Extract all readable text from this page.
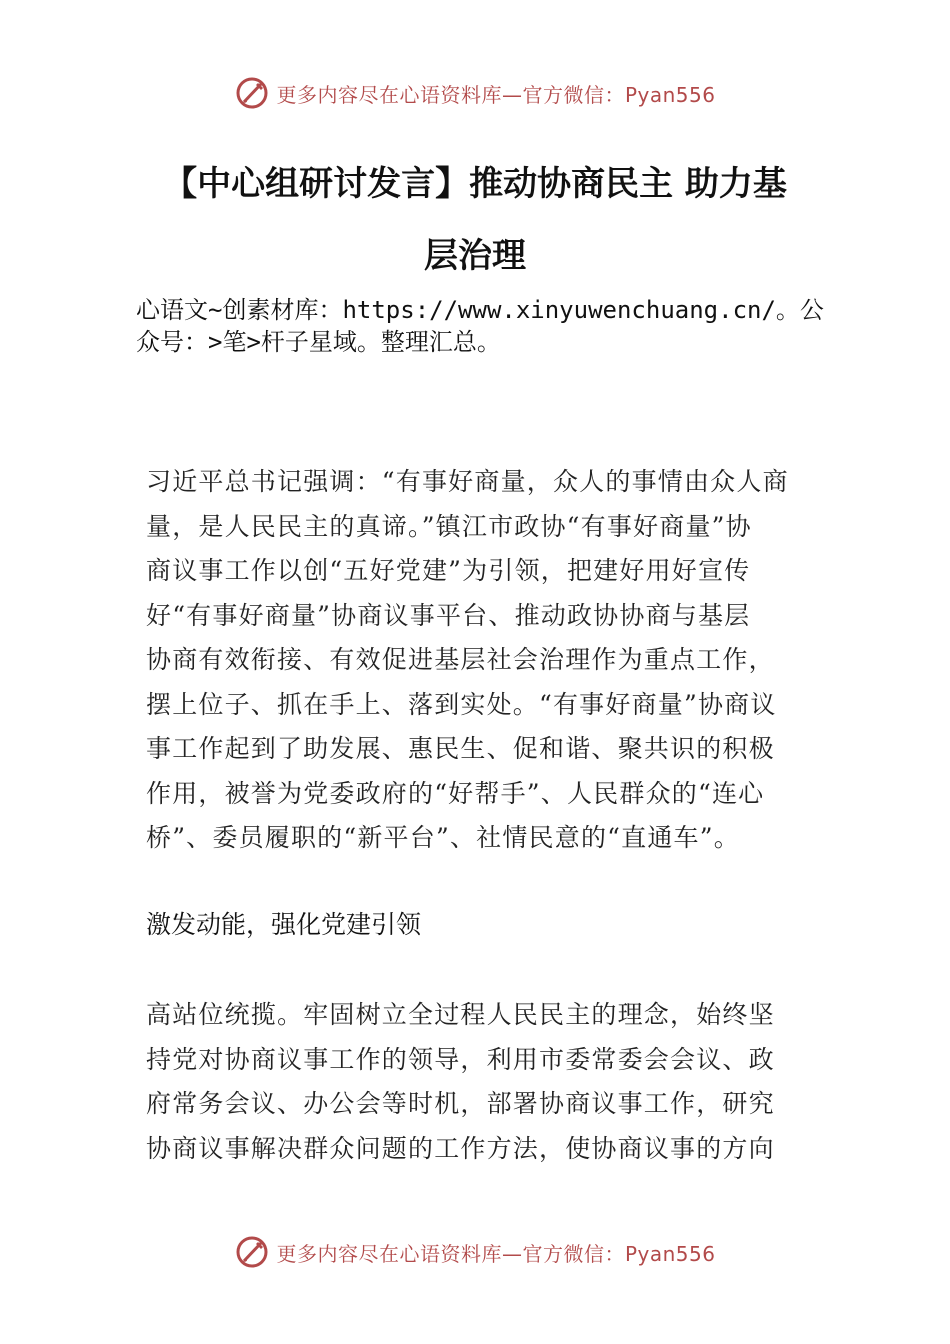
更多内容尽在心语资料库—官方微信：Pyan556
【中心组研讨发言】推动协商民主 助力基
层治理
心语文~创素材库：https://www.xinyuwenchuang.cn/。公
众号：>笔>杆子星域。整理汇总。
习近平总书记强调：“有事好商量，众人的事情由众人商
量，是人民民主的真谛。”镇江市政协“有事好商量”协
商议事工作以创“五好党建”为引领，把建好用好宣传
好“有事好商量”协商议事平台、推动政协协商与基层
协商有效衔接、有效促进基层社会治理作为重点工作，
摆上位子、抓在手上、落到实处。“有事好商量”协商议
事工作起到了助发展、惠民生、促和谐、聚共识的积极
作用，被誉为党委政府的“好帮手”、人民群众的“连心
桥”、委员履职的“新平台”、社情民意的“直通车”。
激发动能，强化党建引领
高站位统揽。牢固树立全过程人民民主的理念，始终坚
持党对协商议事工作的领导，利用市委常委会会议、政
府常务会议、办公会等时机，部署协商议事工作，研究
协商议事解决群众问题的工作方法，使协商议事的方向
更多内容尽在心语资料库—官方微信：Pyan556
